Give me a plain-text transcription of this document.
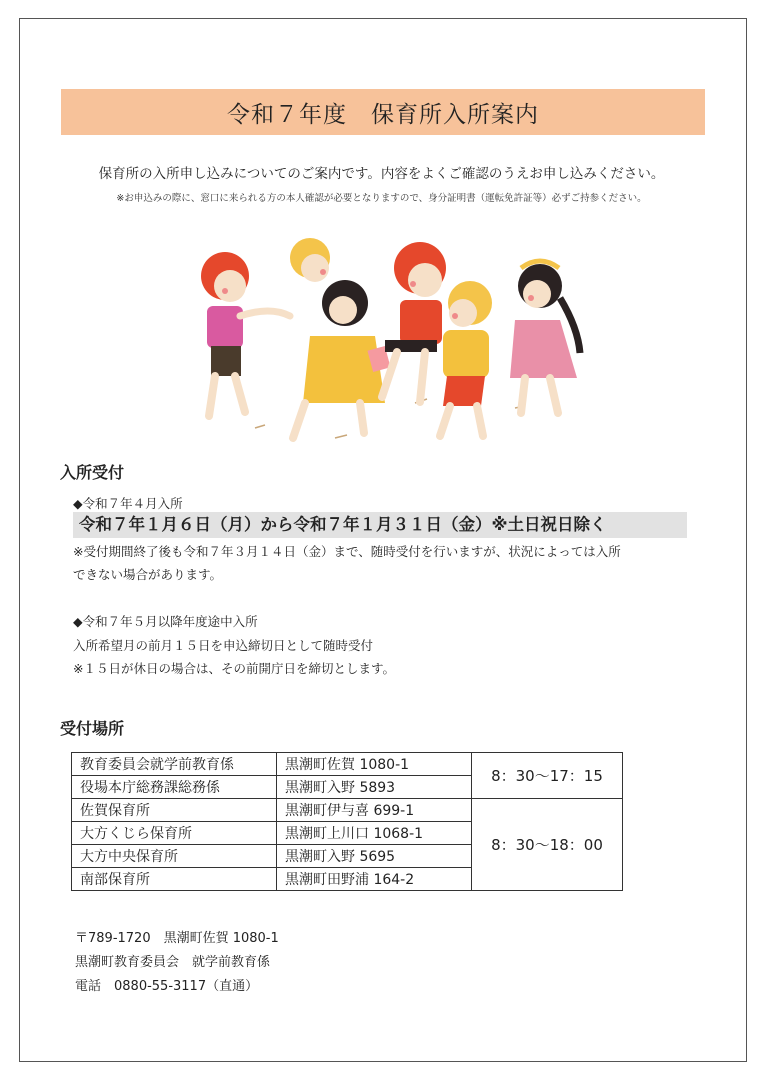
令和７年度　保育所入所案内
保育所の入所申し込みについてのご案内です。内容をよくご確認のうえお申し込みください。
※お申込みの際に、窓口に来られる方の本人確認が必要となりますので、身分証明書（運転免許証等）必ずご持参ください。
入所受付
◆令和７年４月入所
令和７年１月６日（月）から令和７年１月３１日（金）※土日祝日除く
※受付期間終了後も令和７年３月１４日（金）まで、随時受付を行いますが、状況によっては入所
できない場合があります。
◆令和７年５月以降年度途中入所
入所希望月の前月１５日を申込締切日として随時受付
※１５日が休日の場合は、その前開庁日を締切とします。
受付場所
教育委員会就学前教育係	黒潮町佐賀 1080-1	8：30～17：15
役場本庁総務課総務係	黒潮町入野 5893	
佐賀保育所	黒潮町伊与喜 699-1	8：30～18：00
大方くじら保育所	黒潮町上川口 1068-1	
大方中央保育所	黒潮町入野 5695	
南部保育所	黒潮町田野浦 164-2	
〒789-1720　黒潮町佐賀 1080-1
黒潮町教育委員会　就学前教育係
電話　0880-55-3117（直通）
